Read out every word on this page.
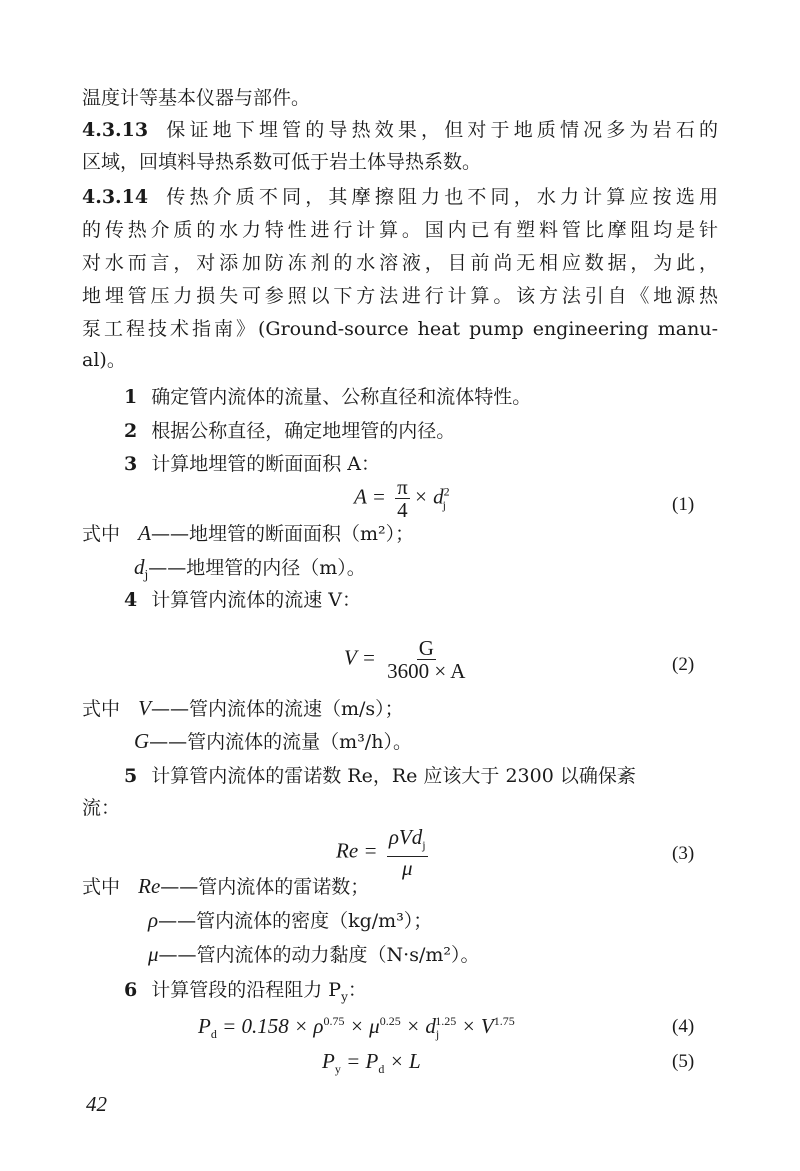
温度计等基本仪器与部件。
4.3.13 保证地下埋管的导热效果，但对于地质情况多为岩石的
区域，回填料导热系数可低于岩土体导热系数。
4.3.14 传热介质不同，其摩擦阻力也不同，水力计算应按选用
的传热介质的水力特性进行计算。国内已有塑料管比摩阻均是针
对水而言，对添加防冻剂的水溶液，目前尚无相应数据，为此，
地埋管压力损失可参照以下方法进行计算。该方法引自《地源热
泵工程技术指南》(Ground-source heat pump engineering manu-
al)。
1 确定管内流体的流量、公称直径和流体特性。
2 根据公称直径，确定地埋管的内径。
3 计算地埋管的断面面积 A：
$A = \frac{\pi}{4} \times d^2_j$	(1)
式中 A——地埋管的断面面积（m²）；
$d_j——$地埋管的内径（m）。
4 计算管内流体的流速 V：
$V = \frac{G}{3600 \times A}$	(2)
式中 V——管内流体的流速（m/s）；
G——管内流体的流量（m³/h）。
5 计算管内流体的雷诺数 Re，Re 应该大于 2300 以确保紊
流：
$Re = \frac{\rho Vd_j}{\mu}$	(3)
式中 Re——管内流体的雷诺数；
ρ——管内流体的密度（kg/m³）；
μ——管内流体的动力黏度（N·s/m²）。
6 计算管段的沿程阻力 $P_y$：
$P_d = 0.158 \times \rho^{0.75} \times \mu^{0.25} \times d_j^{1.25} \times V^{1.75}$	(4)
$P_y = P_d \times L$	(5)
42
